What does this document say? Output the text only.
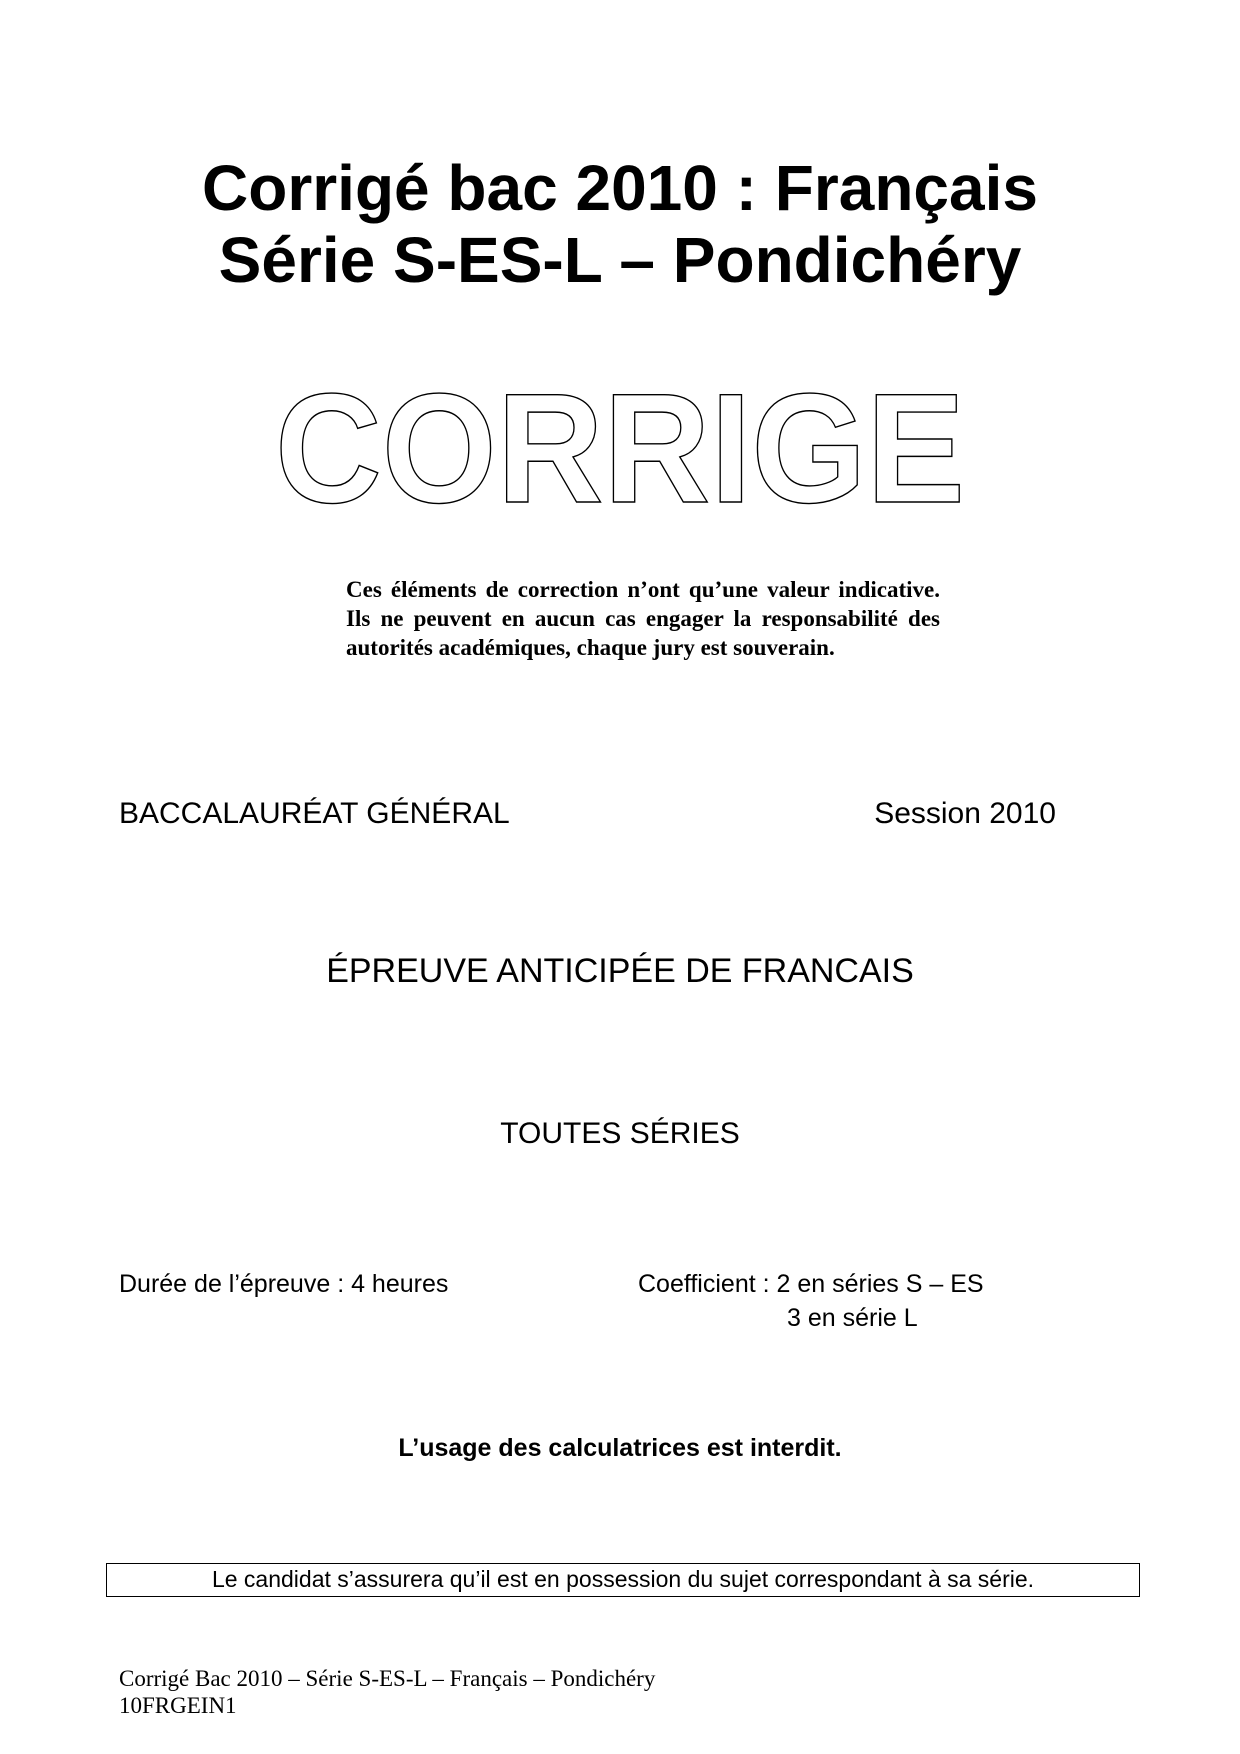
Corrigé bac 2010 : Français
Série S-ES-L – Pondichéry
CORRIGE
Ces éléments de correction n’ont qu’une valeur indicative. Ils ne peuvent en aucun cas engager la responsabilité des autorités académiques, chaque jury est souverain.
BACCALAURÉAT GÉNÉRAL	Session 2010
ÉPREUVE ANTICIPÉE DE FRANCAIS
TOUTES SÉRIES
Durée de l’épreuve : 4 heures	Coefficient : 2 en séries S – ES
3 en série L
L’usage des calculatrices est interdit.
Le candidat s’assurera qu’il est en possession du sujet correspondant à sa série.
Corrigé Bac 2010 – Série S-ES-L – Français – Pondichéry
10FRGEIN1
